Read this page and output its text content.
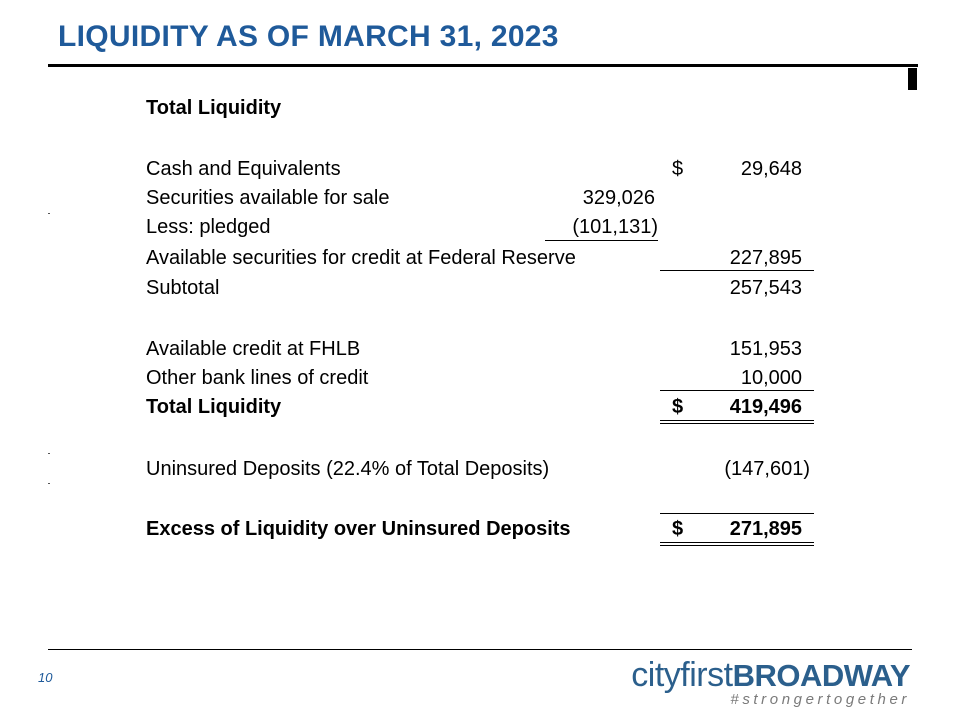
LIQUIDITY AS OF MARCH 31, 2023
Total Liquidity
Cash and Equivalents	$	29,648
Securities available for sale	329,026
Less: pledged	(101,131)
Available securities for credit at Federal Reserve	227,895
Subtotal	257,543
Available credit at FHLB	151,953
Other bank lines of credit	10,000
Total Liquidity	$	419,496
Uninsured Deposits (22.4% of Total Deposits)	(147,601)
Excess of Liquidity over Uninsured Deposits	$	271,895
10	cityfirstBROADWAY
#strongertogether
